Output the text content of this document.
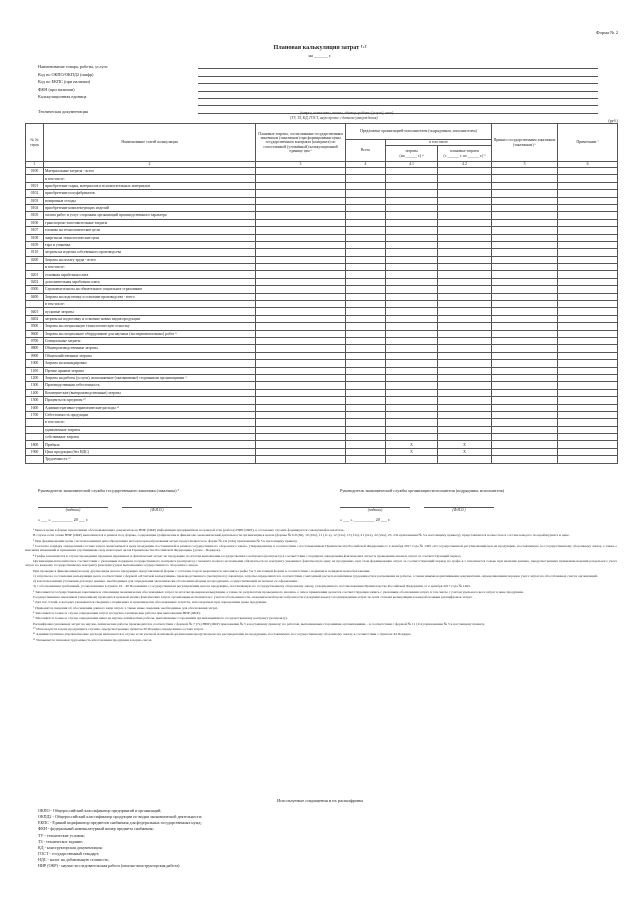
Форма № 2
Плановая калькуляция затрат ¹·²
на ______ г.
Наименование товара, работы, услуги
Код по ОКПО/ОКПД2 (шифр)
Код по ЕКПС (при наличии)
ФКН (при наличии)
Калькуляционная единица
Техническая документация	(штуки, комплекты, тонны, единицы работы (услуги), иное)
(ТУ, ТЗ, КД, ГОСТ, иную прочие с датами утверждения)	(руб.)
№ № строк	Наименование статей калькуляции	Плановые затраты, согласованные государственным заказчиком (заказчиком) при формировании цены государственного контракта (контракта) по сопоставимой (уточнённой) калькуляционной единице цен ³	Предложено организацией-исполнителем (подрядчиком, исполнителем)			Принято государственным заказчиком (заказчиком) ⁶	Примечание ⁷
			Всего	в том числе			
				затраты
(на ______ г.) ⁴	плановые затраты
(с ______ г. по ______ г.) ⁵		
1	2	3	4	4.1	4.2	5	6
0100	Материальные затраты - всего						
	в том числе:						
0101	приобретение сырья, материалов и вспомогательных материалов						
0102	приобретение полуфабрикатов						
0103	возвратные отходы						
0104	приобретение комплектующих изделий						
0105	оплата работ и услуг сторонних организаций производственного характера						
0106	транспортно-заготовительные затраты						
0107	топливо на технологические цели						
0108	энергия на технологические цели						
0109	тара и упаковка						
0110	затраты на изделия собственного производства						
0200	Затраты на оплату труда - всего						
	в том числе:						
0201	основная заработная плата						
0202	дополнительная заработная плата						
0300	Страховые взносы на обязательное социальное страхование						
0400	Затраты на подготовку и освоение производства - всего						
	в том числе:						
0401	пусковые затраты						
0402	затраты на подготовку и освоение новых видов продукции						
0500	Затраты на специальную технологическую оснастку						
0600	Затраты на специальное оборудование для научных (экспериментальных) работ ⁸						
0700	Специальные затраты						
0800	Общепроизводственные затраты						
0900	Общехозяйственные затраты						
1000	Затраты на командировки						
1100	Прочие прямые затраты						
1200	Затраты на работы (услуги), выполняемые (оказываемые) сторонними организациями ⁹						
1300	Производственная себестоимость						
1400	Коммерческие (внепроизводственные) затраты						
1500	Проценты по кредитам ¹⁰						
1600	Административно-управленческие расходы ¹¹						
1700	Себестоимость продукции						
	в том числе:						
	единоличные затраты						
	собственные затраты						
1800	Прибыль			X	X		
1900	Цена продукции (без НДС)			X	X		
	Трудоемкость ¹²						
Руководитель экономической службы государственного заказчика (заказчика) ³
(подпись)	(Ф.И.О.)
« ___ » __________ 20 ___ г.
Руководитель экономической службы организации-исполнителя (подрядчика, исполнителя)
(подпись)	(Ф.И.О.)
« ___ » __________ 20 ___ г.

¹ Цена и цены в форме при наличии обосновывающих документов на НИР (ОКР) информация предприятием по каждой этап (работе) НИР (ОКР), в остальных случаях формируется совокупный показатель.

В случае если этапы НИР (ОКР) выполняются в рамках под, формы, содержащие графические и финансово-экономический деятельности организации в целом (формы № 6-8 (8а), 10 (10а), 11 (11 а), 12 (12а), 13 (13а), 21 (21а), 22 (22а), 23, 23а приложения № 5 к настоящему приказу), представляются полностью в составе каждого по-прейскуранта и цене.

² При формировании цены с использованием ценообразующих методом ценообразования затрат представляется по форме № 2А (2Аа) приложения № 5 к настоящему приказу.

³ Согласно порядку определения состава затрат, включаемых в цену продукции, поставляемой в рамках государственного оборонного заказа, утвержденному в соответствии с постановлением Правительства Российской Федерации от 2 декабря 2017 года № 1465 «О государственном регулировании цен на продукцию, поставляемую по государственному оборонному заказу, а также о внесении изменений и признании утратившими силу некоторых актов Правительства Российской Федерации» (далее - Порядок).

⁴ Графы заполняются в случае проведения проверки первичных и фактических затрат на продукцию по итогам выполнения государственного контракта (контракта) в соответствии с порядком определения фактических затрат и проведения анализа затрат за соответствующий период.

Организации-исполнители в соответствии с указанным порядком государственного контракта (контракта) с момента полного исполнения обязательств по контракту указывают фактическую цену на продукцию, при этом формирование затрат за соответствующий период по графе 4.1 заполняется только при наличии данных, предусмотренных правилами ведения раздельного учета затрат по каждому государственному контракту (контракту) при выполнении государственного оборонного заказа.

При проверке в фиксированную цену другие виды цен на продукцию представленной формы с согласия сторон разрешается заполнять графы 3 и 5 настоящей формы в соответствии с нормами и порядком ценообразования.

1) затраты на составление калькуляции цен в соответствии с формой «Отчетной калькуляции» производственного (экспертного) характера, затраты определяются в соответствии с методикой расчета нормативов трудоемкости и расценками на работы, а также иными нормативными документами, определяющими порядок учета затрат на обособленных счетах организаций.

2) в использовании уточнения договора данных, необходимых для определения экономически обоснованной цены на продукцию, осуществляющей на момент ее оформления.

3) с обоснованием требований, установленных в пункте 16 - 49 Положения о государственном регулировании цен на продукцию, поставляемую по государственному оборонному заказу, утвержденного постановлением Правительства Российской Федерации от 2 декабря 2017 года № 1465.

⁵ Заполняется государственным заказчиком в отношении экономически обоснованных затрат по итогам проверки калькуляции, а также по результатам проведенного анализа, о чем в примечании делается соответствующая запись с указанием обоснования затрат, в том числе с учетом удельного веса затрат в цене продукции.

Государственным заказчиком (заказчиком) проводится ценовой анализ фактических затрат организации-исполнителя с учетом обоснованности, экономической целесообразности и документального подтверждения затрат по всем статьям калькуляции и каждой позиции расшифровок затрат.

⁶ Для тех статей, в которых указываются сведения о первичных и экономически обоснованных затратах, используемых при определении цены продукции.

⁷ Приводятся сведения об обосновании данного вида затрат, а также иные сведения, необходимые для обоснования затрат.

⁸ Заполняется только в случае определения затрат на научно-технические работы при выполнении НИР (ОКР).

⁹ Заполняется только в случае определения цены на научно-технические работы, выполняемые сторонними организациями по государственному контракту (контракту).

Расшифровка указанных затрат на научно-технические работы производится в соответствии с формой № 7 (7а) НИР (ОКР) приложения № 5 к настоящему приказу; по работам, выполняемым сторонними организациями, - в соответствии с формой № 11 (11а) приложения № 5 к настоящему приказу.

¹⁰ Используется в цене продукции в случаях, предусмотренных пунктом 20 Порядка определения состава затрат.

¹¹ Административно-управленческие расходы включаются в случае если учетной политикой организации предусмотрено их распределение на продукцию, поставляемую по государственному оборонному заказу, в соответствии с пунктом 44 Порядка.

¹² Указывается плановая трудоемкость изготовления продукции в нормо-часах.

Используемые сокращения и их расшифровка
ОКПО - Общероссийский классификатор предприятий и организаций;
ОКПД2 - Общероссийский классификатор продукции по видам экономической деятельности;
ЕКПС - Единый кодификатор предметов снабжения для федеральных государственных нужд;
ФКН - федеральный номенклатурный номер предмета снабжения;
ТУ - технические условия;
ТЗ - техническое задание;
КД - конструкторская документация;
ГОСТ - государственный стандарт;
НДС - налог на добавленную стоимость;
НИР (ОКР) - научно-исследовательская работа (опытно-конструкторская работа).
